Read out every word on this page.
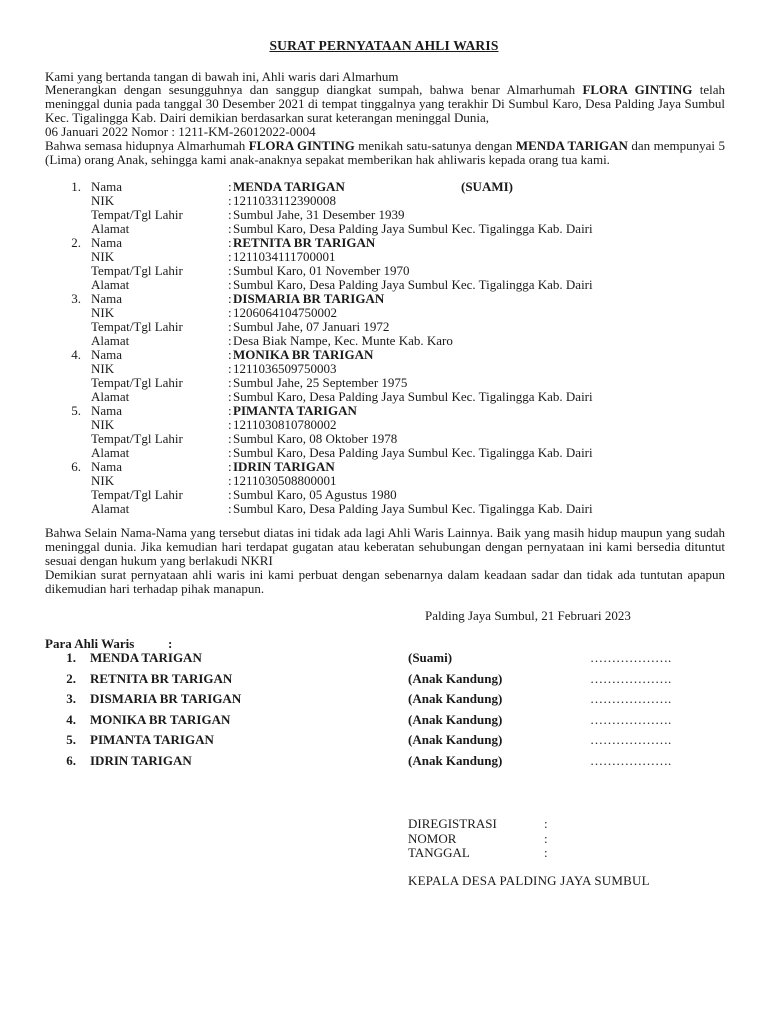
SURAT PERNYATAAN AHLI WARIS
Kami yang bertanda tangan di bawah ini, Ahli waris dari Almarhum
Menerangkan dengan sesungguhnya dan sanggup diangkat sumpah, bahwa benar Almarhumah FLORA GINTING telah meninggal dunia pada tanggal 30 Desember 2021 di tempat tinggalnya yang terakhir Di Sumbul Karo, Desa Palding Jaya Sumbul Kec. Tigalingga Kab. Dairi demikian berdasarkan surat keterangan meninggal Dunia,
06 Januari 2022 Nomor : 1211-KM-26012022-0004
Bahwa semasa hidupnya Almarhumah FLORA GINTING menikah satu-satunya dengan MENDA TARIGAN dan mempunyai 5 (Lima) orang Anak, sehingga kami anak-anaknya sepakat memberikan hak ahliwaris kepada orang tua kami.
1. Nama	: MENDA TARIGAN	(SUAMI)
NIK	: 1211033112390008
Tempat/Tgl Lahir	: Sumbul Jahe, 31 Desember 1939
Alamat	: Sumbul Karo, Desa Palding Jaya Sumbul Kec. Tigalingga Kab. Dairi
2. Nama	: RETNITA BR TARIGAN
NIK	: 1211034111700001
Tempat/Tgl Lahir	: Sumbul Karo, 01 November 1970
Alamat	: Sumbul Karo, Desa Palding Jaya Sumbul Kec. Tigalingga Kab. Dairi
3. Nama	: DISMARIA BR TARIGAN
NIK	: 1206064104750002
Tempat/Tgl Lahir	: Sumbul Jahe, 07 Januari 1972
Alamat	: Desa Biak Nampe, Kec. Munte Kab. Karo
4. Nama	: MONIKA BR TARIGAN
NIK	: 1211036509750003
Tempat/Tgl Lahir	: Sumbul Jahe, 25 September 1975
Alamat	: Sumbul Karo, Desa Palding Jaya Sumbul Kec. Tigalingga Kab. Dairi
5. Nama	: PIMANTA TARIGAN
NIK	: 1211030810780002
Tempat/Tgl Lahir	: Sumbul Karo, 08 Oktober 1978
Alamat	: Sumbul Karo, Desa Palding Jaya Sumbul Kec. Tigalingga Kab. Dairi
6. Nama	: IDRIN TARIGAN
NIK	: 1211030508800001
Tempat/Tgl Lahir	: Sumbul Karo, 05 Agustus 1980
Alamat	: Sumbul Karo, Desa Palding Jaya Sumbul Kec. Tigalingga Kab. Dairi
Bahwa Selain Nama-Nama yang tersebut diatas ini tidak ada lagi Ahli Waris Lainnya. Baik yang masih hidup maupun yang sudah meninggal dunia. Jika kemudian hari terdapat gugatan atau keberatan sehubungan dengan pernyataan ini kami bersedia dituntut sesuai dengan hukum yang berlakudi NKRI
Demikian surat pernyataan ahli waris ini kami perbuat dengan sebenarnya dalam keadaan sadar dan tidak ada tuntutan apapun dikemudian hari terhadap pihak manapun.
Palding Jaya Sumbul, 21 Februari 2023
Para Ahli Waris	:
1. MENDA TARIGAN	(Suami)	……………….
2. RETNITA BR TARIGAN	(Anak Kandung)	……………….
3. DISMARIA BR TARIGAN	(Anak Kandung)	……………….
4. MONIKA BR TARIGAN	(Anak Kandung)	……………….
5. PIMANTA TARIGAN	(Anak Kandung)	……………….
6. IDRIN TARIGAN	(Anak Kandung)	……………….
DIREGISTRASI	:
NOMOR	:
TANGGAL	:
KEPALA DESA PALDING JAYA SUMBUL
